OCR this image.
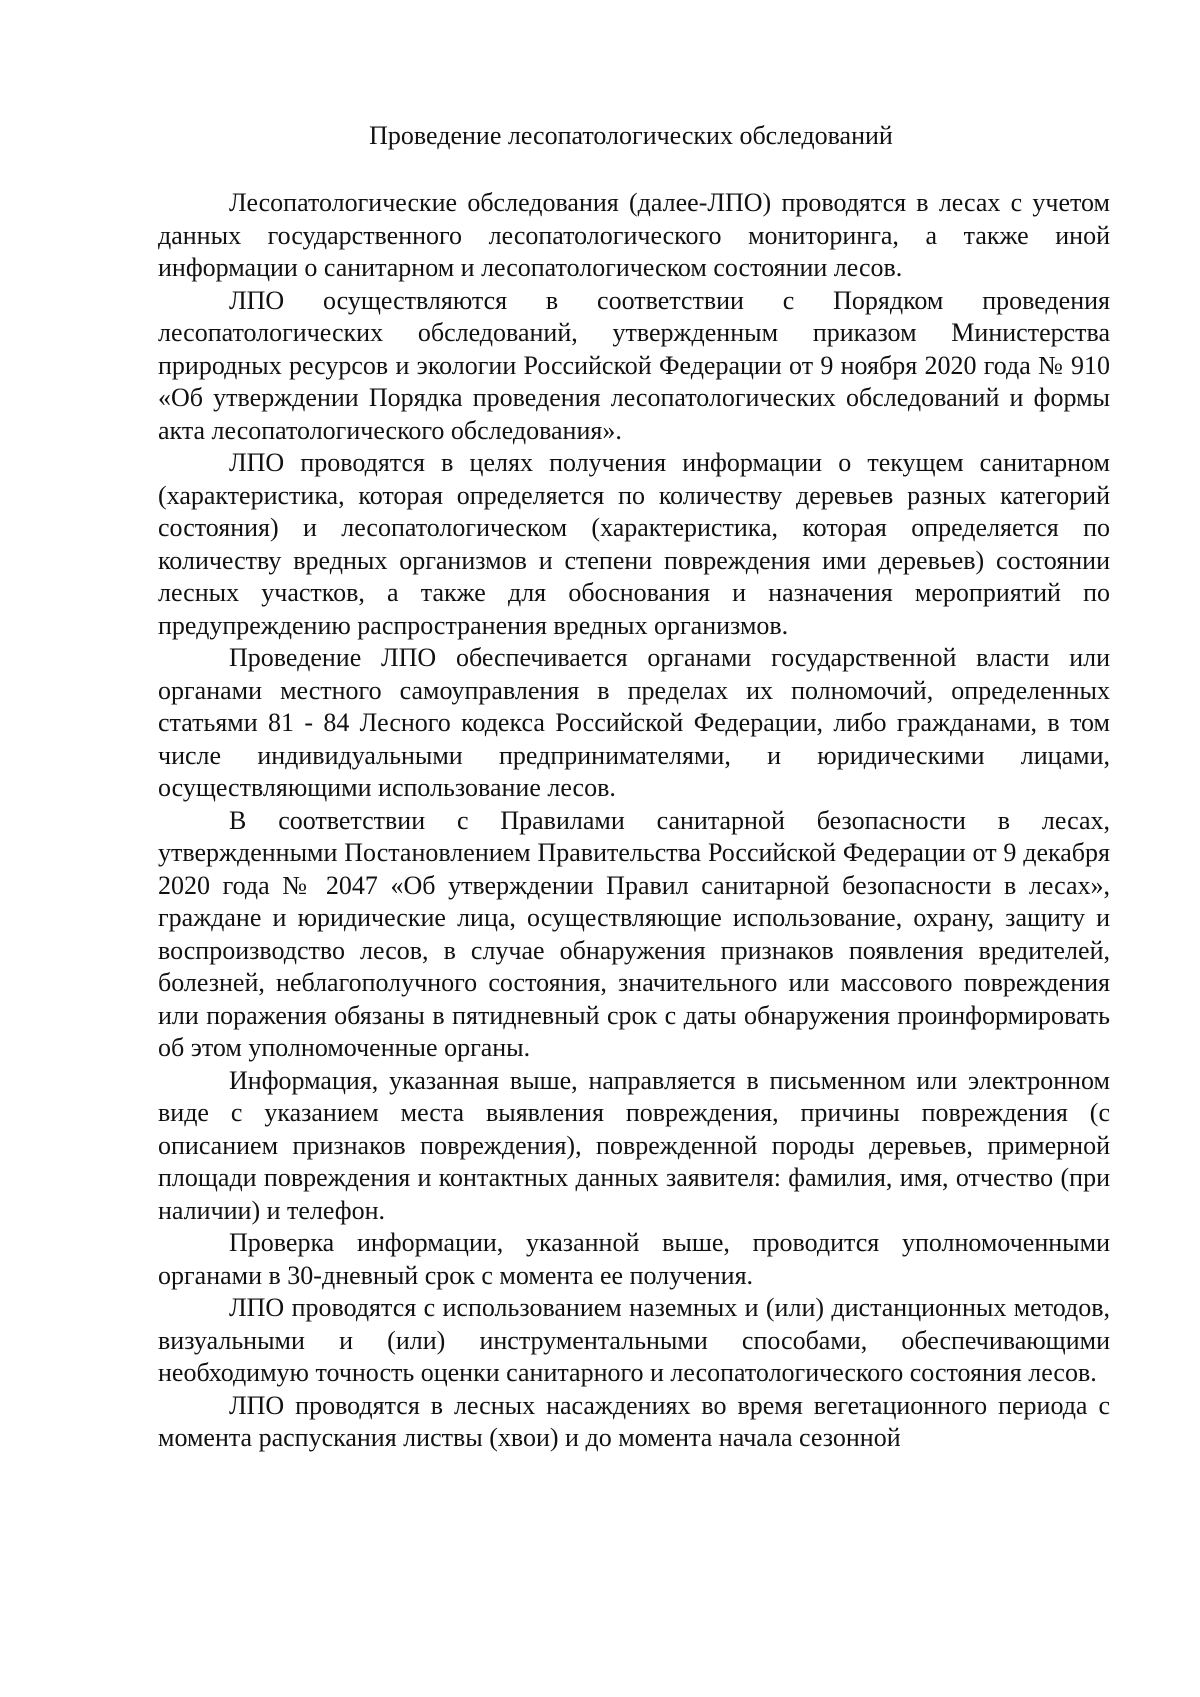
Проведение лесопатологических обследований

Лесопатологические обследования (далее-ЛПО) проводятся в лесах с учетом данных государственного лесопатологического мониторинга, а также иной информации о санитарном и лесопатологическом состоянии лесов.

ЛПО осуществляются в соответствии с Порядком проведения лесопатологических обследований, утвержденным приказом Министерства природных ресурсов и экологии Российской Федерации от 9 ноября 2020 года № 910 «Об утверждении Порядка проведения лесопатологических обследований и формы акта лесопатологического обследования».

ЛПО проводятся в целях получения информации о текущем санитарном (характеристика, которая определяется по количеству деревьев разных категорий состояния) и лесопатологическом (характеристика, которая определяется по количеству вредных организмов и степени повреждения ими деревьев) состоянии лесных участков, а также для обоснования и назначения мероприятий по предупреждению распространения вредных организмов.

Проведение ЛПО обеспечивается органами государственной власти или органами местного самоуправления в пределах их полномочий, определенных статьями 81 - 84 Лесного кодекса Российской Федерации, либо гражданами, в том числе индивидуальными предпринимателями, и юридическими лицами, осуществляющими использование лесов.

В соответствии с Правилами санитарной безопасности в лесах, утвержденными Постановлением Правительства Российской Федерации от 9 декабря 2020 года № 2047 «Об утверждении Правил санитарной безопасности в лесах», граждане и юридические лица, осуществляющие использование, охрану, защиту и воспроизводство лесов, в случае обнаружения признаков появления вредителей, болезней, неблагополучного состояния, значительного или массового повреждения или поражения обязаны в пятидневный срок с даты обнаружения проинформировать об этом уполномоченные органы.

Информация, указанная выше, направляется в письменном или электронном виде с указанием места выявления повреждения, причины повреждения (с описанием признаков повреждения), поврежденной породы деревьев, примерной площади повреждения и контактных данных заявителя: фамилия, имя, отчество (при наличии) и телефон.

Проверка информации, указанной выше, проводится уполномоченными органами в 30-дневный срок с момента ее получения.

ЛПО проводятся с использованием наземных и (или) дистанционных методов, визуальными и (или) инструментальными способами, обеспечивающими необходимую точность оценки санитарного и лесопатологического состояния лесов.

ЛПО проводятся в лесных насаждениях во время вегетационного периода с момента распускания листвы (хвои) и до момента начала сезонной
